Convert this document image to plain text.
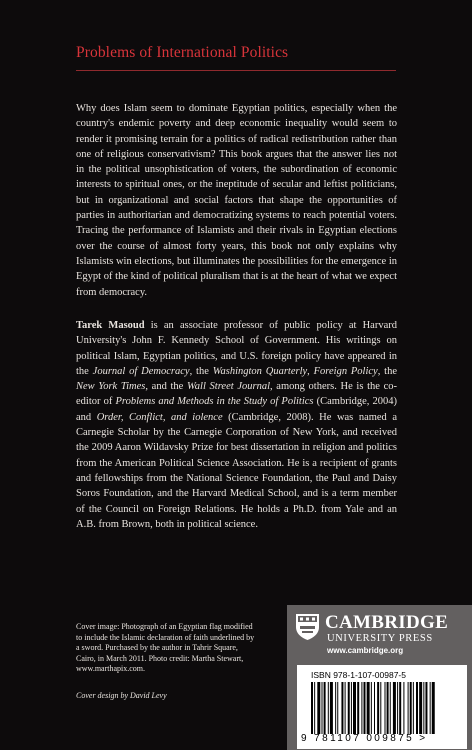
Problems of International Politics
Why does Islam seem to dominate Egyptian politics, especially when the country's endemic poverty and deep economic inequality would seem to render it promising terrain for a politics of radical redistribution rather than one of religious conservativism? This book argues that the answer lies not in the political unsophistication of voters, the subordination of economic interests to spiritual ones, or the ineptitude of secular and leftist politicians, but in organizational and social factors that shape the opportunities of parties in authoritarian and democratizing systems to reach potential voters. Tracing the performance of Islamists and their rivals in Egyptian elections over the course of almost forty years, this book not only explains why Islamists win elections, but illuminates the possibilities for the emergence in Egypt of the kind of political pluralism that is at the heart of what we expect from democracy.
Tarek Masoud is an associate professor of public policy at Harvard University's John F. Kennedy School of Government. His writings on political Islam, Egyptian politics, and U.S. foreign policy have appeared in the Journal of Democracy, the Washington Quarterly, Foreign Policy, the New York Times, and the Wall Street Journal, among others. He is the co-editor of Problems and Methods in the Study of Politics (Cambridge, 2004) and Order, Conflict, and iolence (Cambridge, 2008). He was named a Carnegie Scholar by the Carnegie Corporation of New York, and received the 2009 Aaron Wildavsky Prize for best dissertation in religion and politics from the American Political Science Association. He is a recipient of grants and fellowships from the National Science Foundation, the Paul and Daisy Soros Foundation, and the Harvard Medical School, and is a term member of the Council on Foreign Relations. He holds a Ph.D. from Yale and an A.B. from Brown, both in political science.
Cover image: Photograph of an Egyptian flag modified to include the Islamic declaration of faith underlined by a sword. Purchased by the author in Tahrir Square, Cairo, in March 2011. Photo credit: Martha Stewart, www.marthapix.com.
Cover design by David Levy
CAMBRIDGE
UNIVERSITY PRESS
www.cambridge.org
ISBN 978-1-107-00987-5
9 781107 009875 >
